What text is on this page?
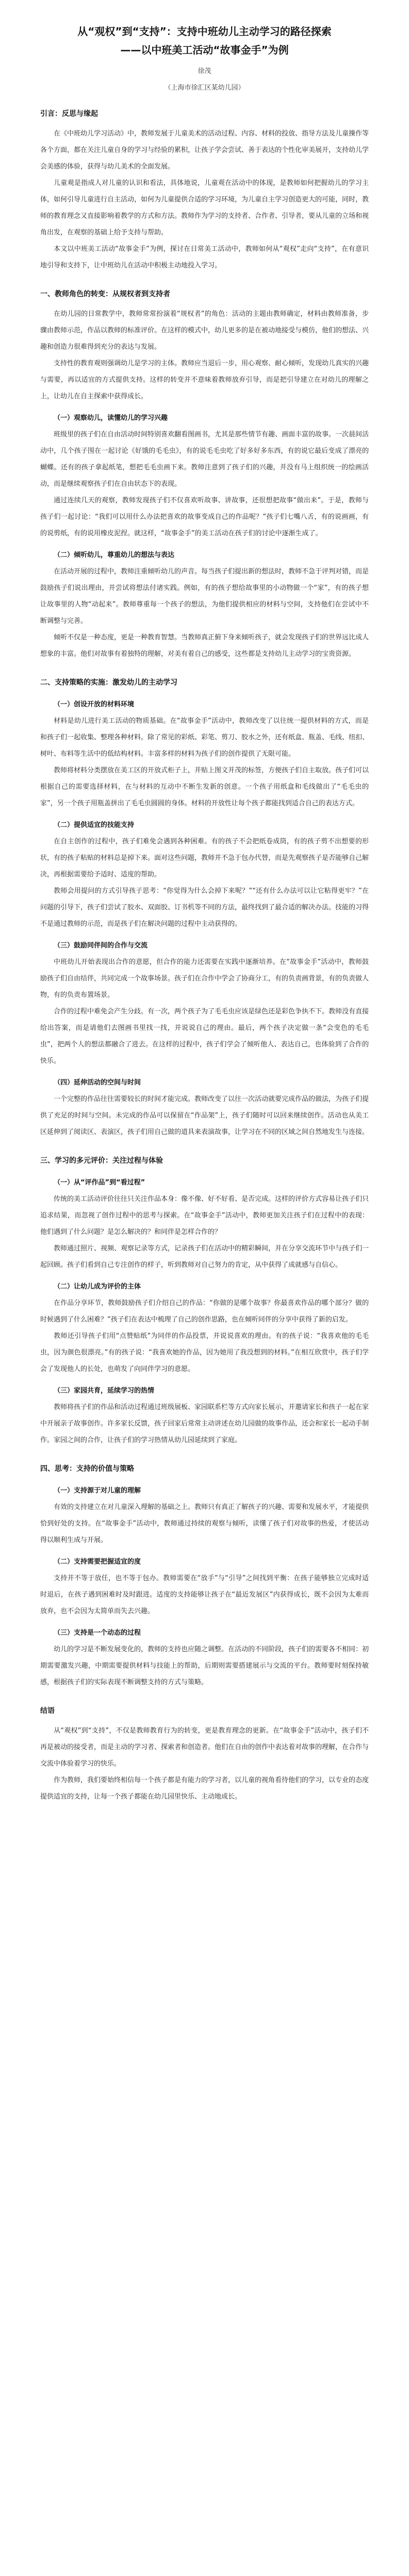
从“观权”到“支持”：支持中班幼儿主动学习的路径探索
——以中班美工活动“故事金手”为例

徐茂

（上海市徐汇区某幼儿园）

引言：反思与缘起

在《中班幼儿学习活动》中，教师发展于儿童美术的活动过程、内容、材料的投放、指导方法及儿童操作等各个方面，都在关注儿童自身的学习与经验的累积，让孩子学会尝试、善于表达的个性化审美展开，支持幼儿学会美感的体验，获得与幼儿美术的全面发展。

儿童观是指成人对儿童的认识和看法，具体地说，儿童观在活动中的体现，是教师如何把握幼儿的学习主体，如何引导儿童进行自主活动，如何为儿童提供合适的学习环境，为儿童自主学习创造更大的可能，同时，教师的教育理念又直接影响着教学的方式和方法。教师作为学习的支持者、合作者、引导者，要从儿童的立场和视角出发，在观察的基础上给予支持与帮助。

本文以中班美工活动“故事金手”为例，探讨在日常美工活动中，教师如何从“观权”走向“支持”，在有意识地引导和支持下，让中班幼儿在活动中积极主动地投入学习。

一、教师角色的转变：从规权者到支持者

在幼儿园的日常教学中，教师常常扮演着“规权者”的角色：活动的主题由教师确定，材料由教师准备，步骤由教师示范，作品以教师的标准评价。在这样的模式中，幼儿更多的是在被动地接受与模仿，他们的想法、兴趣和创造力很难得到充分的表达与发展。

支持性的教育观则强调幼儿是学习的主体。教师应当退后一步，用心观察、耐心倾听，发现幼儿真实的兴趣与需要，再以适宜的方式提供支持。这样的转变并不意味着教师放弃引导，而是把引导建立在对幼儿的理解之上，让幼儿在自主探索中获得成长。

（一）观察幼儿，读懂幼儿的学习兴趣

班级里的孩子们在自由活动时间特别喜欢翻看图画书，尤其是那些情节有趣、画面丰富的故事。一次晨间活动中，几个孩子围在一起讨论《好饿的毛毛虫》，有的说毛毛虫吃了好多好多东西，有的说它最后变成了漂亮的蝴蝶。还有的孩子拿起纸笔，想把毛毛虫画下来。教师注意到了孩子们的兴趣，并没有马上组织统一的绘画活动，而是继续观察孩子们在自由状态下的表现。

通过连续几天的观察，教师发现孩子们不仅喜欢听故事、讲故事，还很想把故事“做出来”。于是，教师与孩子们一起讨论：“我们可以用什么办法把喜欢的故事变成自己的作品呢？”孩子们七嘴八舌，有的说画画，有的说剪纸，有的说用橡皮泥捏。就这样，“故事金手”的美工活动在孩子们的讨论中逐渐生成了。

（二）倾听幼儿，尊重幼儿的想法与表达

在活动开展的过程中，教师注重倾听幼儿的声音。每当孩子们提出新的想法时，教师不急于评判对错，而是鼓励孩子们说出理由，并尝试将想法付诸实践。例如，有的孩子想给故事里的小动物做一个“家”，有的孩子想让故事里的人物“动起来”。教师尊重每一个孩子的想法，为他们提供相应的材料与空间，支持他们在尝试中不断调整与完善。

倾听不仅是一种态度，更是一种教育智慧。当教师真正俯下身来倾听孩子，就会发现孩子们的世界远比成人想象的丰富。他们对故事有着独特的理解，对美有着自己的感受，这些都是支持幼儿主动学习的宝贵资源。

二、支持策略的实施：激发幼儿的主动学习

（一）创设开放的材料环境

材料是幼儿进行美工活动的物质基础。在“故事金手”活动中，教师改变了以往统一提供材料的方式，而是和孩子们一起收集、整理各种材料。除了常见的彩纸、彩笔、剪刀、胶水之外，还有纸盒、瓶盖、毛线、纽扣、树叶、布料等生活中的低结构材料。丰富多样的材料为孩子们的创作提供了无限可能。

教师将材料分类摆放在美工区的开放式柜子上，并贴上图文并茂的标签，方便孩子们自主取放。孩子们可以根据自己的需要选择材料，在与材料的互动中不断生发新的创意。一个孩子用纸盒和毛线做出了“毛毛虫的家”，另一个孩子用瓶盖拼出了毛毛虫圆圆的身体。材料的开放性让每个孩子都能找到适合自己的表达方式。

（二）提供适宜的技能支持

在自主创作的过程中，孩子们难免会遇到各种困难。有的孩子不会把纸卷成筒，有的孩子剪不出想要的形状，有的孩子粘贴的材料总是掉下来。面对这些问题，教师并不急于包办代替，而是先观察孩子是否能够自己解决，再根据需要给予适时、适度的帮助。

教师会用提问的方式引导孩子思考：“你觉得为什么会掉下来呢？”“还有什么办法可以让它粘得更牢？”在问题的引导下，孩子们尝试了胶水、双面胶、订书机等不同的方法，最终找到了最合适的解决办法。技能的习得不是通过教师的示范，而是孩子们在解决问题的过程中主动获得的。

（三）鼓励同伴间的合作与交流

中班幼儿开始表现出合作的意愿，但合作的能力还需要在实践中逐渐培养。在“故事金手”活动中，教师鼓励孩子们自由结伴，共同完成一个故事场景。孩子们在合作中学会了协商分工，有的负责画背景，有的负责做人物，有的负责布置场景。

合作的过程中难免会产生分歧。有一次，两个孩子为了毛毛虫应该是绿色还是彩色争执不下。教师没有直接给出答案，而是请他们去图画书里找一找，并说说自己的理由。最后，两个孩子决定做一条“会变色的毛毛虫”，把两个人的想法都融合了进去。在这样的过程中，孩子们学会了倾听他人、表达自己，也体验到了合作的快乐。

（四）延伸活动的空间与时间

一个完整的作品往往需要较长的时间才能完成。教师改变了以往一次活动就要完成作品的做法，为孩子们提供了充足的时间与空间。未完成的作品可以保留在“作品架”上，孩子们随时可以回来继续创作。活动也从美工区延伸到了阅读区、表演区，孩子们用自己做的道具来表演故事，让学习在不同的区域之间自然地发生与连接。

三、学习的多元评价：关注过程与体验

（一）从“评作品”到“看过程”

传统的美工活动评价往往只关注作品本身：像不像、好不好看、是否完成。这样的评价方式容易让孩子们只追求结果，而忽视了创作过程中的思考与探索。在“故事金手”活动中，教师更加关注孩子们在过程中的表现：他们遇到了什么问题？是怎么解决的？和同伴是怎样合作的？

教师通过照片、视频、观察记录等方式，记录孩子们在活动中的精彩瞬间，并在分享交流环节中与孩子们一起回顾。孩子们看到自己专注创作的样子，听到教师对自己努力的肯定，从中获得了成就感与自信心。

（二）让幼儿成为评价的主体

在作品分享环节，教师鼓励孩子们介绍自己的作品：“你做的是哪个故事？你最喜欢作品的哪个部分？做的时候遇到了什么困难？”孩子们在表达中梳理了自己的创作思路，也在倾听同伴的分享中获得了新的启发。

教师还引导孩子们用“点赞贴纸”为同伴的作品投票，并说说喜欢的理由。有的孩子说：“我喜欢他的毛毛虫，因为颜色很漂亮。”有的孩子说：“我喜欢她的作品，因为她用了我没想到的材料。”在相互欣赏中，孩子们学会了发现他人的长处，也萌发了向同伴学习的意愿。

（三）家园共育，延续学习的热情

教师将孩子们的作品和活动过程通过班级展板、家园联系栏等方式向家长展示，并邀请家长和孩子一起在家中开展亲子故事创作。许多家长反馈，孩子回家后常常主动讲述在幼儿园做的故事作品，还会和家长一起动手制作。家园之间的合作，让孩子们的学习热情从幼儿园延续到了家庭。

四、思考：支持的价值与策略

（一）支持源于对儿童的理解

有效的支持建立在对儿童深入理解的基础之上。教师只有真正了解孩子的兴趣、需要和发展水平，才能提供恰到好处的支持。在“故事金手”活动中，教师通过持续的观察与倾听，读懂了孩子们对故事的热爱，才使活动得以顺利生成与开展。

（二）支持需要把握适宜的度

支持并不等于放任，也不等于包办。教师需要在“放手”与“引导”之间找到平衡：在孩子能够独立完成时适时退后，在孩子遇到困难时及时跟进。适度的支持能够让孩子在“最近发展区”内获得成长，既不会因为太难而放弃，也不会因为太简单而失去兴趣。

（三）支持是一个动态的过程

幼儿的学习是不断发展变化的，教师的支持也应随之调整。在活动的不同阶段，孩子们的需要各不相同：初期需要激发兴趣，中期需要提供材料与技能上的帮助，后期则需要搭建展示与交流的平台。教师要时刻保持敏感，根据孩子们的实际表现不断调整支持的方式与策略。

结语

从“观权”到“支持”，不仅是教师教育行为的转变，更是教育理念的更新。在“故事金手”活动中，孩子们不再是被动的接受者，而是主动的学习者、探索者和创造者。他们在自由的创作中表达着对故事的理解，在合作与交流中体验着学习的快乐。

作为教师，我们要始终相信每一个孩子都是有能力的学习者，以儿童的视角看待他们的学习，以专业的态度提供适宜的支持，让每一个孩子都能在幼儿园里快乐、主动地成长。
